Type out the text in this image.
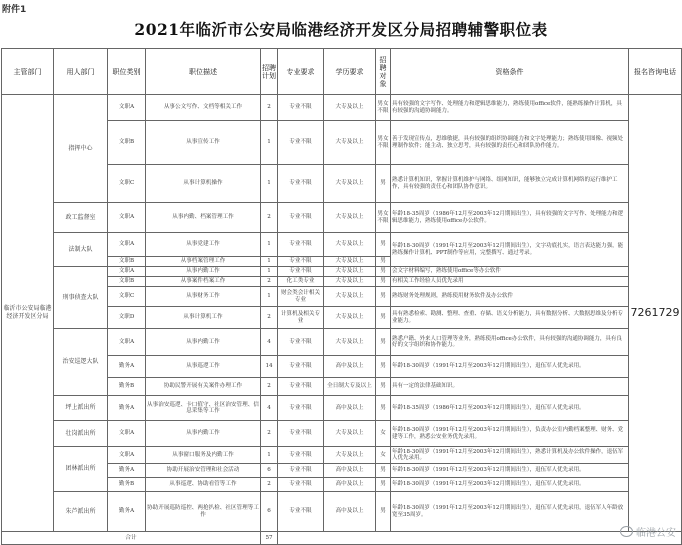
附件1
2021年临沂市公安局临港经济开发区分局招聘辅警职位表
主管部门	用人部门	职位类别	职位描述	招聘计划	专业要求	学历要求	招聘对象	资格条件	报名咨询电话
临沂市公安局临港经济开发区分局	指挥中心	文职A	从事公文写作、文档等相关工作	2	专业不限	大专及以上	男女不限	具有较强的文字写作、处理能力和逻辑思维能力，熟练使用office软件，能熟练操作计算机，具有较强的沟通协调能力。	7261729
		文职B	从事宣传工作	1	专业不限	大专及以上	男女不限	善于发现宣传点，思维敏捷，具有较强的组织协调能力和文字处理能力；熟练使用图像、视频处理制作软件；能主动、独立思考，具有较强的责任心和团队协作能力。	
		文职C	从事计算机操作	1	专业不限	大专及以上	男	熟悉计算机知识，掌握计算机维护与网络、组网知识，能够独立完成计算机网络的运行维护工作，具有较强的责任心和团队协作意识。	
	政工监督室	文职A	从事内勤、档案管理工作	2	专业不限	大专及以上	男女不限	年龄18-35周岁（1986年12月至2003年12月期间出生），具有较强的文字写作、处理能力和逻辑思维能力，熟练使用office办公软件。	
	法制大队	文职A	从事党建工作	1	专业不限	大专及以上	男	年龄18-30周岁（1991年12月至2003年12月期间出生），文字功底扎实，语言表达能力强，能熟练操作计算机、PPT制作等应用，完整撰写、通过考录。	
		文职B	从事档案管理工作	1	专业不限	大专及以上	男		
	刑事侦查大队	文职A	从事内勤工作	1	专业不限	大专及以上	男	会文字材料编写，熟练使用office等办公软件	
		文职B	从事案件档案工作	2	化工类专业	大专及以上	男	有相关工作经验人员优先录用	
		文职C	从事财务工作	1	财会类会计相关专业	大专及以上	男	熟练财务处理规则，熟练使用财务软件及办公软件	
		文职D	从事计算机工作	2	计算机及相关专业	大专及以上	男	具有熟悉检索、勘测、整理、查重、存储、语义分析能力，具有数据分析、大数据思维及分析专业能力。	
	治安巡逻大队	文职A	从事内勤工作	4	专业不限	大专及以上	男	熟悉户籍、外来人口管理等业务，熟练使用office办公软件，具有较强的沟通协调能力，具有良好的文字组织和协作能力。	
		勤务A	从事巡逻工作	14	专业不限	高中及以上	男	年龄18-30周岁（1991年12月至2003年12月期间出生），退伍军人优先录用。	
		勤务B	协助民警开展有关案件办理工作	2	专业不限	全日制大专及以上	男	具有一定的法律基础知识。	
	坪上派出所	勤务A	从事治安巡逻、卡口值守、社区治安管理、信息采集等工作	4	专业不限	高中及以上	男	年龄18-35周岁（1986年12月至2003年12月期间出生），退伍军人优先录用。	
	壮岗派出所	文职A	从事内勤工作	2	专业不限	大专及以上	女	年龄18-30周岁（1991年12月至2003年12月期间出生），负责办公室内勤档案整理、财务、党建等工作，熟悉公安业务优先录用。	
	团林派出所	文职A	从事窗口服务及内勤工作	1	专业不限	大专及以上	女	年龄18-30周岁（1991年12月至2003年12月期间出生），熟悉计算机及办公软件操作，退伍军人优先录用。	
		勤务A	协助开展治安管理和社会活动	6	专业不限	高中及以上	男	年龄18-30周岁（1991年12月至2003年12月期间出生），退伍军人优先录用。	
		勤务B	从事巡逻、协助看管等工作	2	专业不限	高中及以上	男	年龄18-30周岁（1991年12月至2003年12月期间出生），退伍军人优先录用。	
	朱芦派出所	勤务A	协助开展巡防巡控、两抢扒检、社区管理等工作	6	专业不限	高中及以上	男	年龄18-30周岁（1991年12月至2003年12月期间出生），退伍军人优先录用，退伍军人年龄放宽至35周岁。	
合计				57						临港公安
